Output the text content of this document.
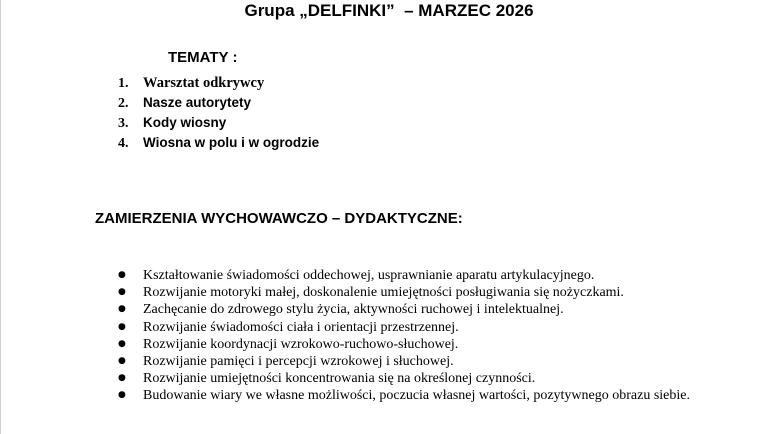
Grupa „DELFINKI”  – MARZEC 2026
TEMATY :
1. Warsztat odkrywcy
2. Nasze autorytety
3. Kody wiosny
4. Wiosna w polu i w ogrodzie
ZAMIERZENIA WYCHOWAWCZO – DYDAKTYCZNE:
● Kształtowanie świadomości oddechowej, usprawnianie aparatu artykulacyjnego.
● Rozwijanie motoryki małej, doskonalenie umiejętności posługiwania się nożyczkami.
● Zachęcanie do zdrowego stylu życia, aktywności ruchowej i intelektualnej.
● Rozwijanie świadomości ciała i orientacji przestrzennej.
● Rozwijanie koordynacji wzrokowo-ruchowo-słuchowej.
● Rozwijanie pamięci i percepcji wzrokowej i słuchowej.
● Rozwijanie umiejętności koncentrowania się na określonej czynności.
● Budowanie wiary we własne możliwości, poczucia własnej wartości, pozytywnego obrazu siebie.
